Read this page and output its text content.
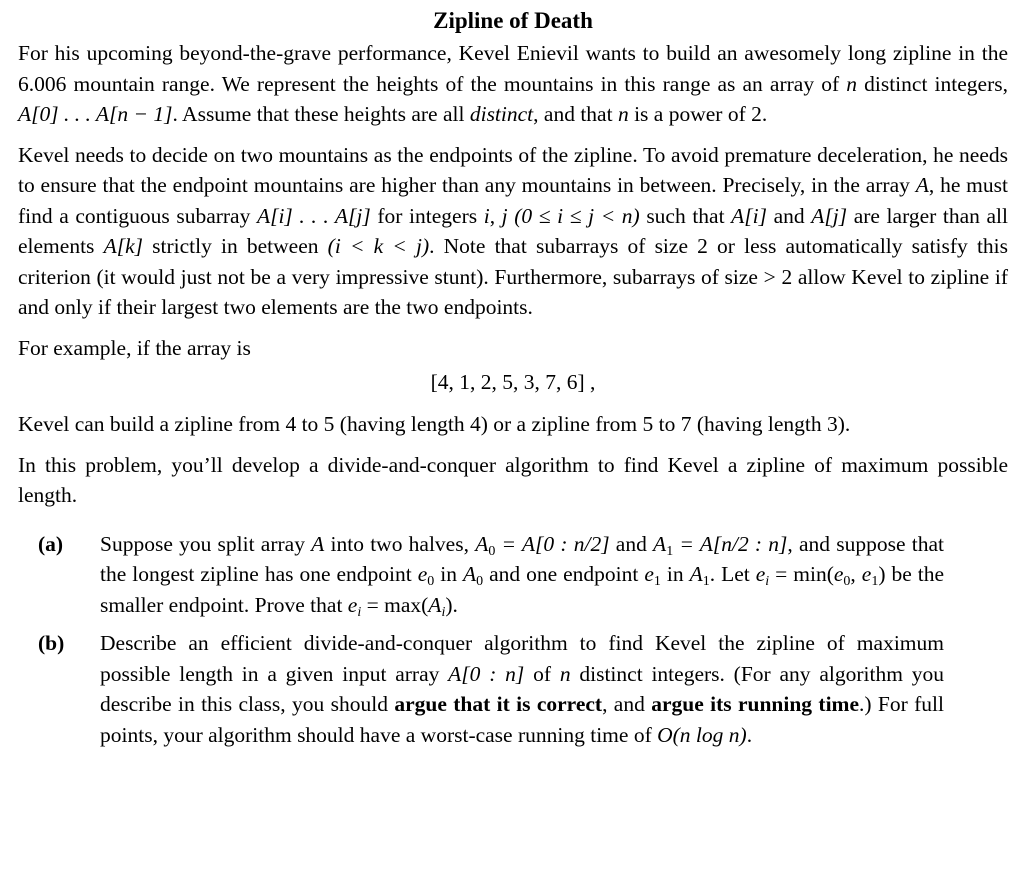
Zipline of Death

For his upcoming beyond-the-grave performance, Kevel Enievil wants to build an awesomely long zipline in the 6.006 mountain range. We represent the heights of the mountains in this range as an array of n distinct integers, A[0] . . . A[n − 1]. Assume that these heights are all distinct, and that n is a power of 2.

Kevel needs to decide on two mountains as the endpoints of the zipline. To avoid premature deceleration, he needs to ensure that the endpoint mountains are higher than any mountains in between. Precisely, in the array A, he must find a contiguous subarray A[i] . . . A[j] for integers i, j (0 ≤ i ≤ j < n) such that A[i] and A[j] are larger than all elements A[k] strictly in between (i < k < j). Note that subarrays of size 2 or less automatically satisfy this criterion (it would just not be a very impressive stunt). Furthermore, subarrays of size > 2 allow Kevel to zipline if and only if their largest two elements are the two endpoints.

For example, if the array is

[4, 1, 2, 5, 3, 7, 6] ,

Kevel can build a zipline from 4 to 5 (having length 4) or a zipline from 5 to 7 (having length 3).

In this problem, you’ll develop a divide-and-conquer algorithm to find Kevel a zipline of maximum possible length.

(a)	Suppose you split array A into two halves, $A_0 = A[0$ : n/2] and $A_1 = A[n/2$ : n], and suppose that the longest zipline has one endpoint $e_0$ in $A_0$ and one endpoint $e_1$ in $A_1$. Let $e_i = \min(e_0$, $e_1$) be the smaller endpoint. Prove that $e_i = \max(A_i)$.
(b)	Describe an efficient divide-and-conquer algorithm to find Kevel the zipline of maximum possible length in a given input array A[0 : n] of n distinct integers. (For any algorithm you describe in this class, you should argue that it is correct, and argue its running time.) For full points, your algorithm should have a worst-case running time of O(n log n).
